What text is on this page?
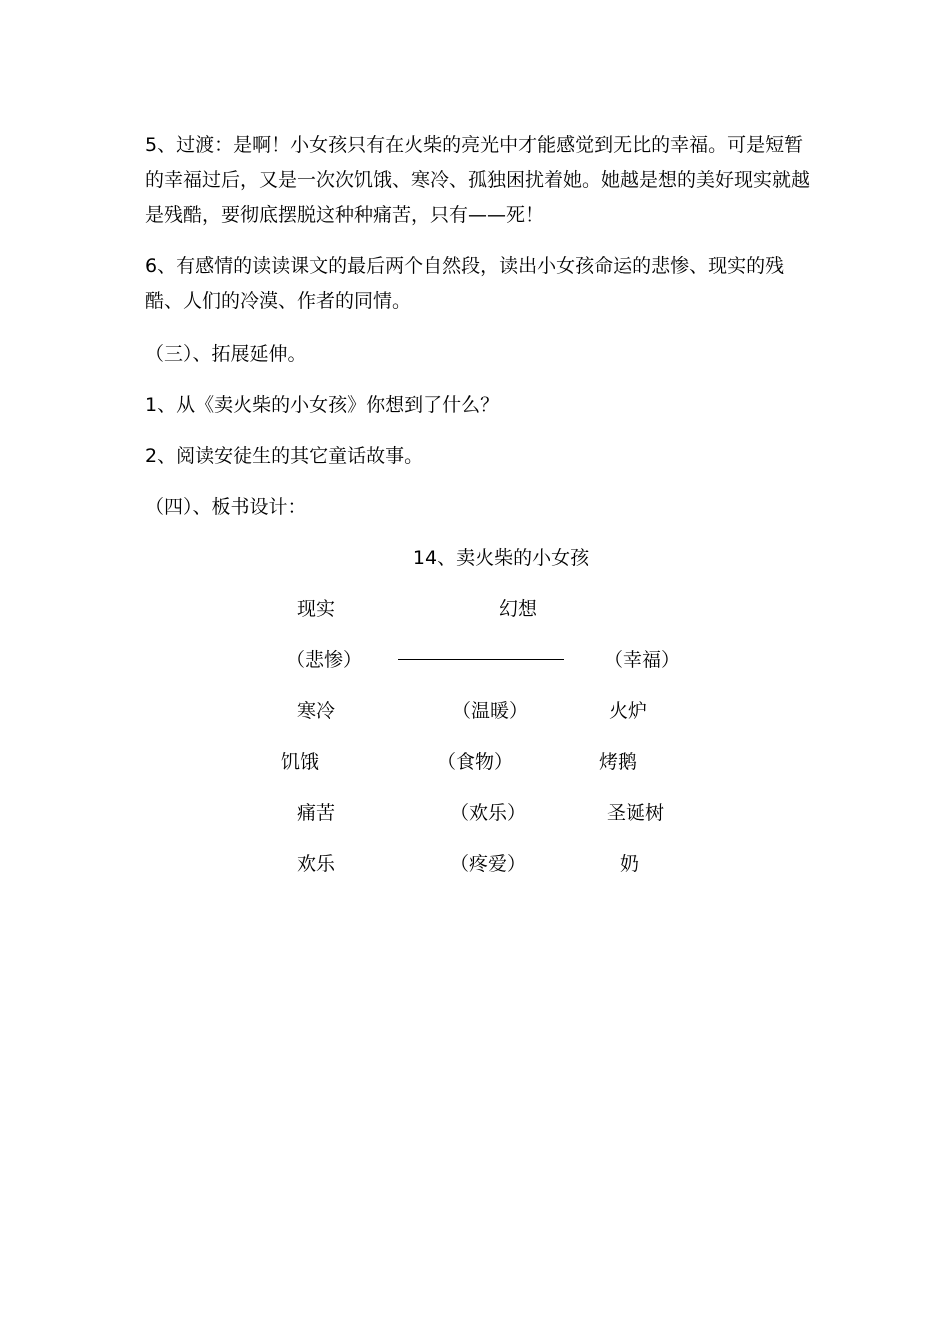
5、过渡：是啊！小女孩只有在火柴的亮光中才能感觉到无比的幸福。可是短暂的幸福过后，又是一次次饥饿、寒冷、孤独困扰着她。她越是想的美好现实就越是残酷，要彻底摆脱这种种痛苦，只有——死！

6、有感情的读读课文的最后两个自然段，读出小女孩命运的悲惨、现实的残酷、人们的冷漠、作者的同情。

（三）、拓展延伸。
1、从《卖火柴的小女孩》你想到了什么？
2、阅读安徒生的其它童话故事。
（四）、板书设计：
14、卖火柴的小女孩
现实	幻想
（悲惨）	（幸福）
寒冷	（温暖）	火炉
饥饿	（食物）	烤鹅
痛苦	（欢乐）	圣诞树
欢乐	（疼爱）	奶
